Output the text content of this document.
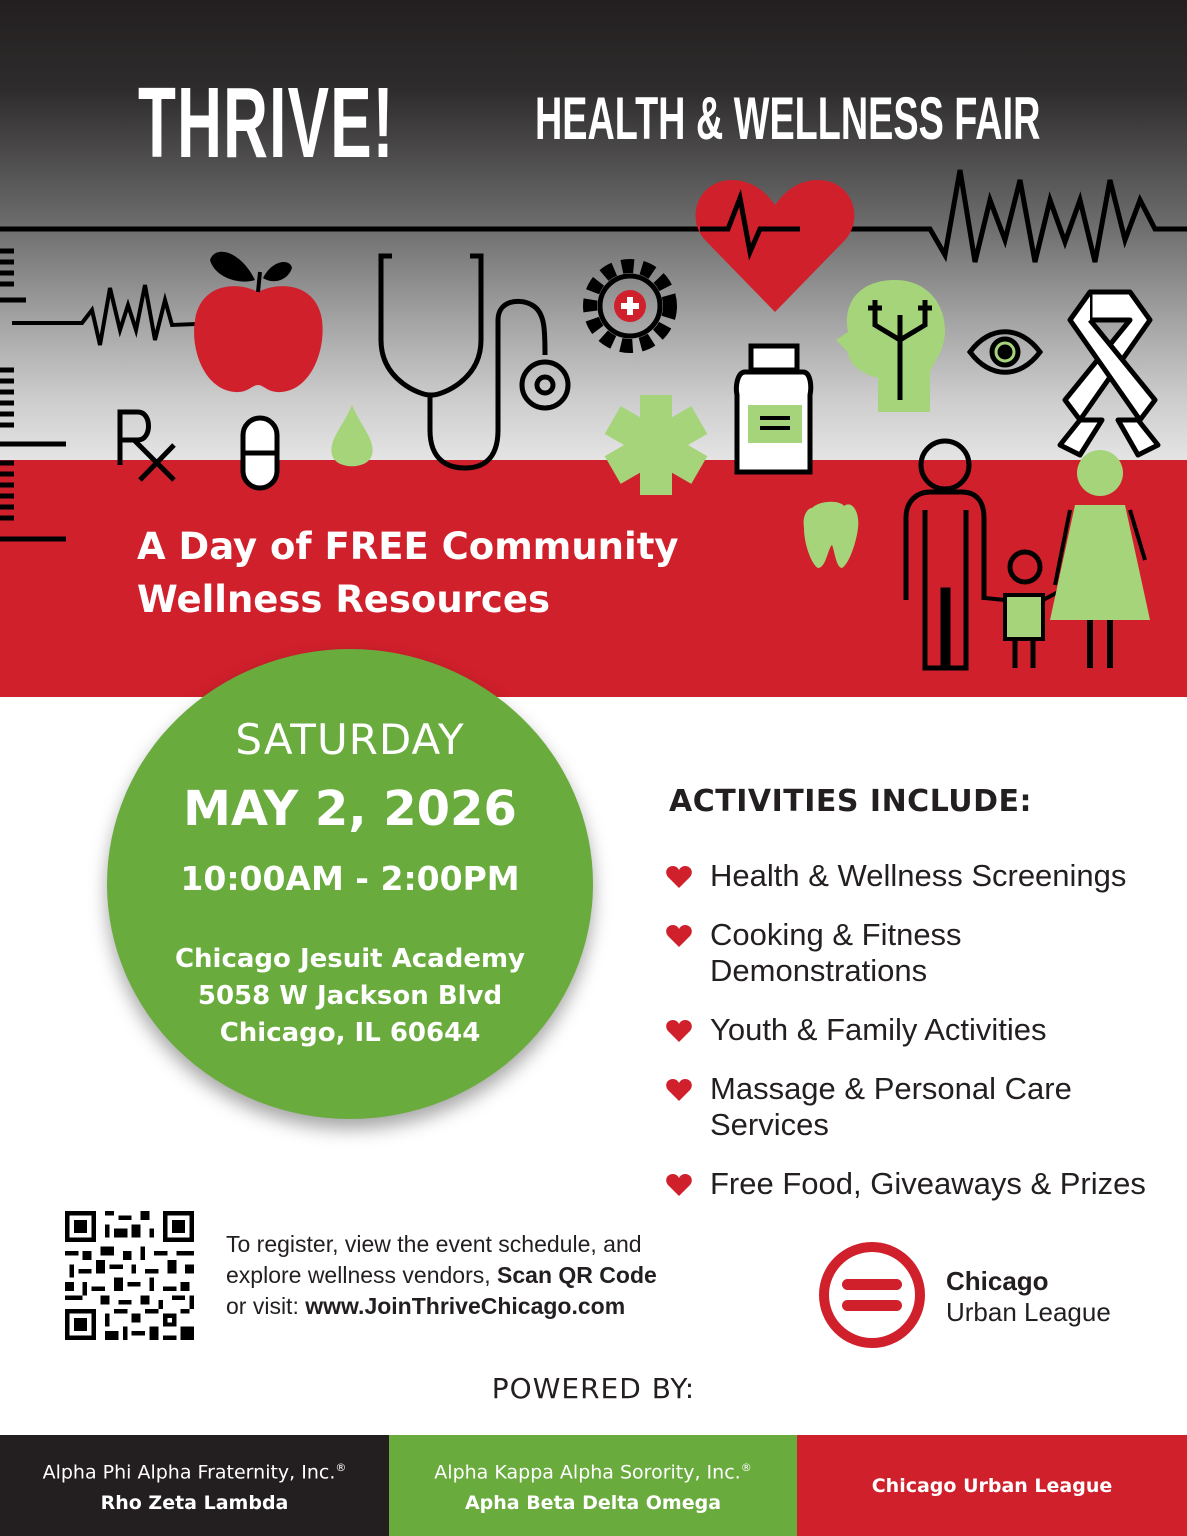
THRIVE! HEALTH & WELLNESS FAIR
A Day of FREE Community
Wellness Resources
SATURDAY
MAY 2, 2026
10:00AM - 2:00PM
Chicago Jesuit Academy
5058 W Jackson Blvd
Chicago, IL 60644
ACTIVITIES INCLUDE:
Health & Wellness Screenings
Cooking & Fitness
Demonstrations
Youth & Family Activities
Massage & Personal Care
Services
Free Food, Giveaways & Prizes
To register, view the event schedule, and
explore wellness vendors, Scan QR Code
or visit: www.JoinThriveChicago.com
Chicago
Urban League
POWERED BY:
Alpha Phi Alpha Fraternity, Inc.®
Rho Zeta Lambda
Alpha Kappa Alpha Sorority, Inc.®
Apha Beta Delta Omega
Chicago Urban League
